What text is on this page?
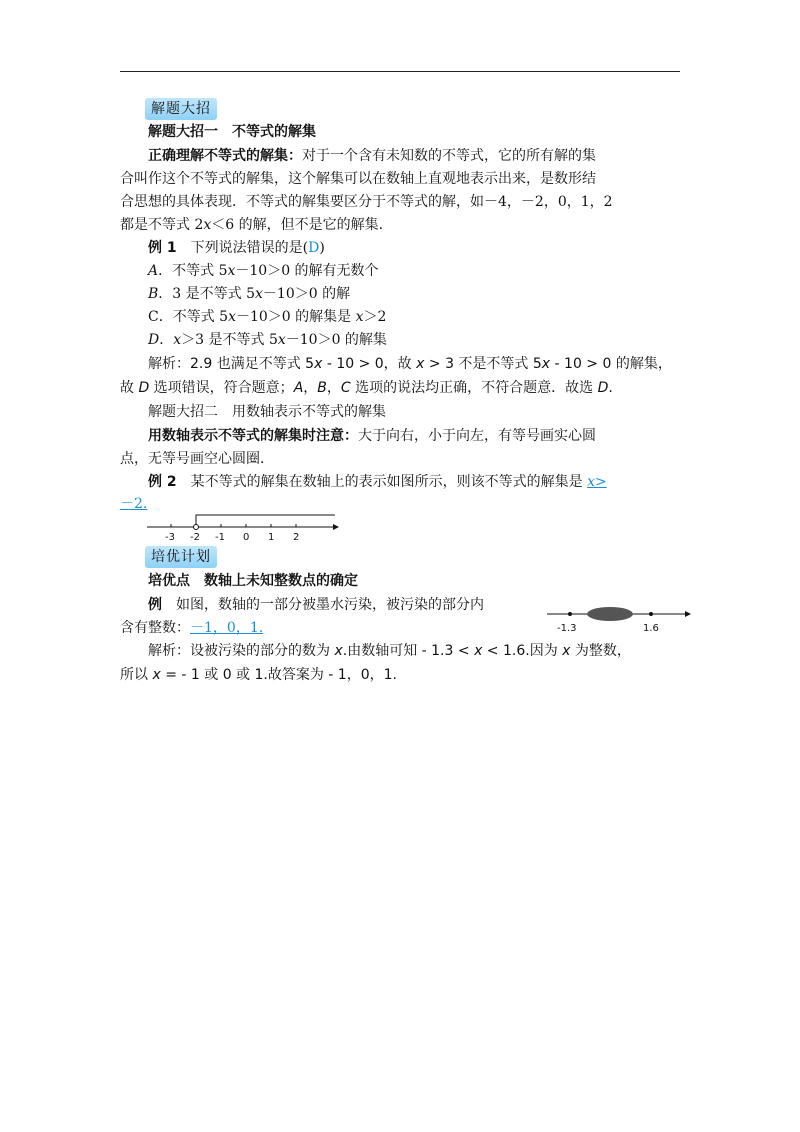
解题大招
解题大招一　不等式的解集
正确理解不等式的解集：对于一个含有未知数的不等式，它的所有解的集
合叫作这个不等式的解集，这个解集可以在数轴上直观地表示出来，是数形结
合思想的具体表现．不等式的解集要区分于不等式的解，如－4，－2，0，1，2
都是不等式 2x＜6 的解，但不是它的解集．
例 1　下列说法错误的是(D)
A．不等式 5x－10＞0 的解有无数个
B．3 是不等式 5x－10＞0 的解
C．不等式 5x－10＞0 的解集是 x＞2
D．x＞3 是不等式 5x－10＞0 的解集
解析：2.9 也满足不等式 5x - 10 > 0，故 x > 3 不是不等式 5x - 10 > 0 的解集，
故 D 选项错误，符合题意；A，B，C 选项的说法均正确，不符合题意．故选 D.
解题大招二　用数轴表示不等式的解集
用数轴表示不等式的解集时注意：大于向右，小于向左，有等号画实心圆
点，无等号画空心圆圈．
例 2　某不等式的解集在数轴上的表示如图所示，则该不等式的解集是 x>
－2.
-3 -2 -1 0 1 2
培优计划
培优点　数轴上未知整数点的确定
例　如图，数轴的一部分被墨水污染，被污染的部分内
含有整数：－1，0，1.	-1.3	1.6
解析：设被污染的部分的数为 x.由数轴可知 - 1.3 < x < 1.6.因为 x 为整数，
所以 x = - 1 或 0 或 1.故答案为 - 1，0，1.
